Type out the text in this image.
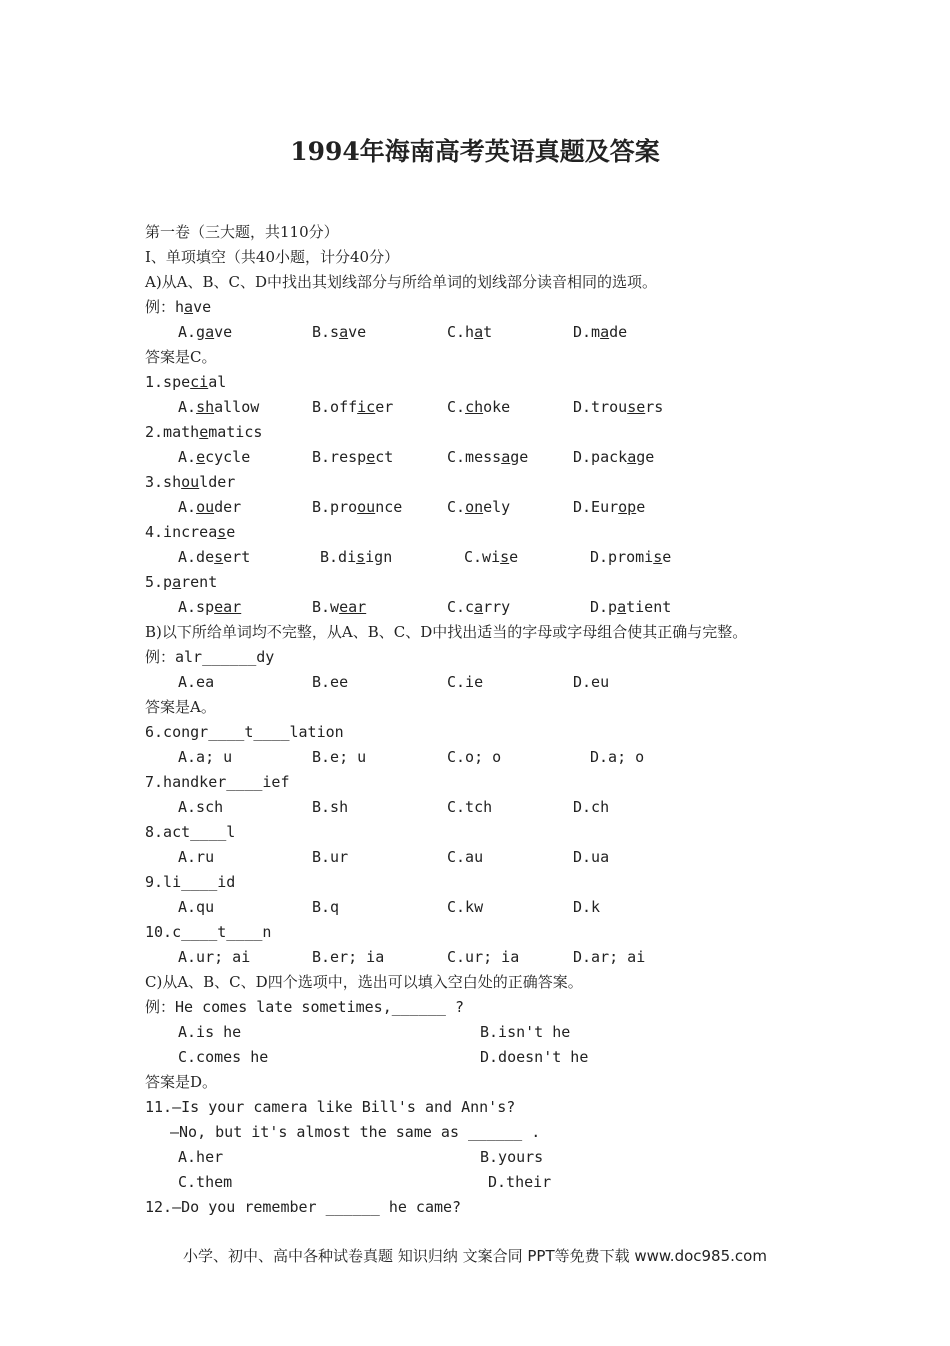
1994年海南高考英语真题及答案
第一卷（三大题，共110分）
I、单项填空（共40小题，计分40分）
A)从A、B、C、D中找出其划线部分与所给单词的划线部分读音相同的选项。
例：have
A.gave	B.save	C.hat	D.made
答案是C。
1.special
A.shallow	B.officer	C.choke	D.trousers
2.mathematics
A.ecycle	B.respect	C.message	D.package
3.shoulder
A.ouder	B.proounce	C.onely	D.Europe
4.increase
A.desert	B.disign	C.wise	D.promise
5.parent
A.spear	B.wear	C.carry	D.patient
B)以下所给单词均不完整，从A、B、C、D中找出适当的字母或字母组合使其正确与完整。
例：alr______dy
A.ea	B.ee	C.ie	D.eu
答案是A。
6.congr____t____lation
A.a; u	B.e; u	C.o; o	D.a; o
7.handker____ief
A.sch	B.sh	C.tch	D.ch
8.act____l
A.ru	B.ur	C.au	D.ua
9.li____id
A.qu	B.q	C.kw	D.k
10.c____t____n
A.ur; ai	B.er; ia	C.ur; ia	D.ar; ai
C)从A、B、C、D四个选项中，选出可以填入空白处的正确答案。
例：He comes late sometimes,______ ?
A.is he	B.isn't he
C.comes he	D.doesn't he
答案是D。
11.—Is your camera like Bill's and Ann's?
—No, but it's almost the same as ______ .
A.her	B.yours
C.them	D.their
12.—Do you remember ______ he came?
小学、初中、高中各种试卷真题 知识归纳 文案合同 PPT等免费下载 www.doc985.com
